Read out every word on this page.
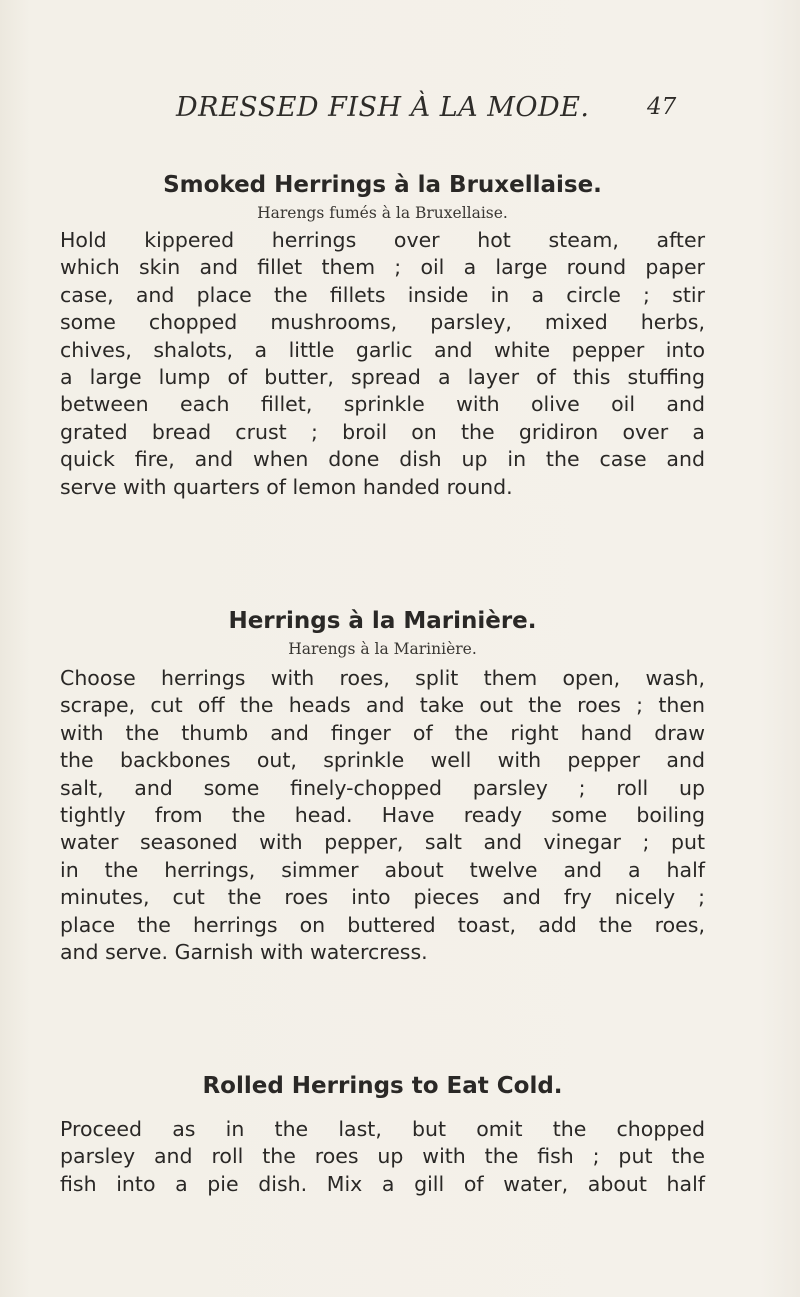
DRESSED FISH À LA MODE.	47
Smoked Herrings à la Bruxellaise.

Harengs fumés à la Bruxellaise.

Hold kippered herrings over hot steam, after
which skin and fillet them ; oil a large round paper
case, and place the fillets inside in a circle ; stir
some chopped mushrooms, parsley, mixed herbs,
chives, shalots, a little garlic and white pepper into
a large lump of butter, spread a layer of this stuffing
between each fillet, sprinkle with olive oil and
grated bread crust ; broil on the gridiron over a
quick fire, and when done dish up in the case and
serve with quarters of lemon handed round.

Herrings à la Marinière.

Harengs à la Marinière.

Choose herrings with roes, split them open, wash,
scrape, cut off the heads and take out the roes ; then
with the thumb and finger of the right hand draw
the backbones out, sprinkle well with pepper and
salt, and some finely-chopped parsley ; roll up
tightly from the head. Have ready some boiling
water seasoned with pepper, salt and vinegar ; put
in the herrings, simmer about twelve and a half
minutes, cut the roes into pieces and fry nicely ;
place the herrings on buttered toast, add the roes,
and serve. Garnish with watercress.

Rolled Herrings to Eat Cold.

Proceed as in the last, but omit the chopped
parsley and roll the roes up with the fish ; put the
fish into a pie dish. Mix a gill of water, about half
